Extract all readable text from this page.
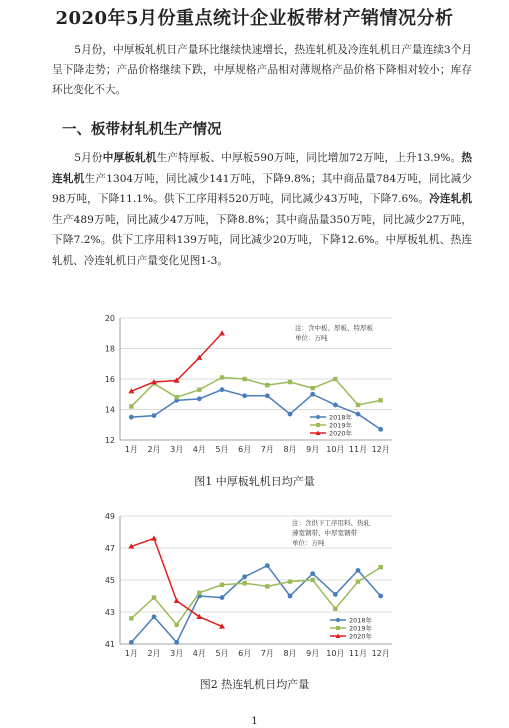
2020年5月份重点统计企业板带材产销情况分析
5月份，中厚板轧机日产量环比继续快速增长，热连轧机及冷连轧机日产量连续3个月呈下降走势；产品价格继续下跌，中厚规格产品相对薄规格产品价格下降相对较小；库存环比变化不大。
一、板带材轧机生产情况
5月份中厚板轧机生产特厚板、中厚板590万吨，同比增加72万吨，上升13.9%。热连轧机生产1304万吨，同比减少141万吨，下降9.8%；其中商品量784万吨，同比减少98万吨，下降11.1%。供下工序用料520万吨，同比减少43万吨，下降7.6%。冷连轧机生产489万吨，同比减少47万吨，下降8.8%；其中商品量350万吨，同比减少27万吨，下降7.2%。供下工序用料139万吨，同比减少20万吨，下降12.6%。中厚板轧机、热连轧机、冷连轧机日产量变化见图1-3。
12
14
16
18
20
1月 2月 3月 4月 5月 6月 7月 8月 9月 10月 11月 12月
注：含中板、厚板、特厚板
单位：万吨
2018年
2019年
2020年
图1 中厚板轧机日均产量
41
43
45
47
49
1月 2月 3月 4月 5月 6月 7月 8月 9月 10月 11月 12月
注：含供下工序用料、热轧
薄宽钢带、中厚宽钢带
单位：万吨
2018年
2019年
2020年
图2 热连轧机日均产量
1
